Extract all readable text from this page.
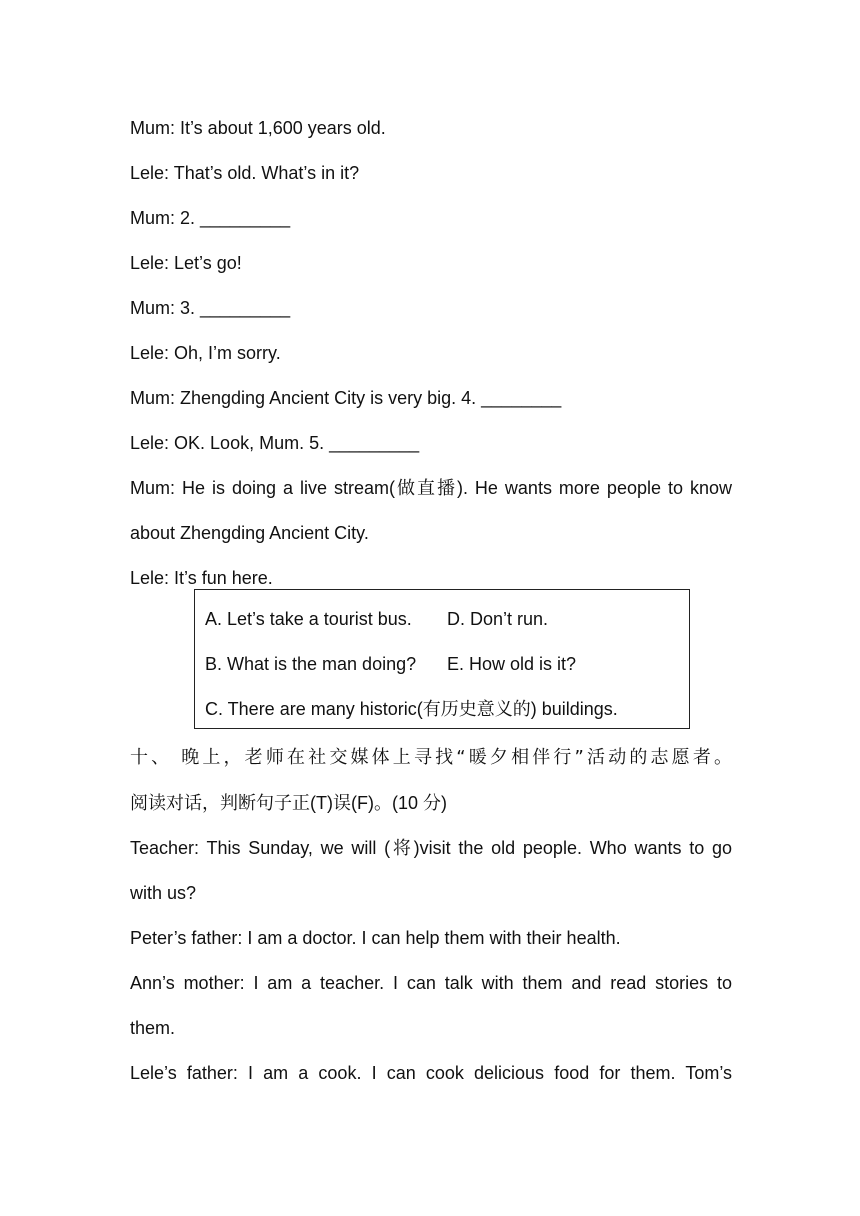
Mum: It’s about 1,600 years old.
Lele: That’s old. What’s in it?
Mum: 2. _________
Lele: Let’s go!
Mum: 3. _________
Lele: Oh, I’m sorry.
Mum: Zhengding Ancient City is very big. 4. ________
Lele: OK. Look, Mum. 5. _________
Mum: He is doing a live stream(做直播). He wants more people to know
about Zhengding Ancient City.
Lele: It’s fun here.
A. Let’s take a tourist bus. D. Don’t run.
B. What is the man doing? E. How old is it?
C. There are many historic(有历史意义的) buildings.
十、 晚上，老师在社交媒体上寻找“暖夕相伴行”活动的志愿者。
阅读对话，判断句子正(T)误(F)。(10 分)
Teacher: This Sunday, we will (将)visit the old people. Who wants to go
with us?
Peter’s father: I am a doctor. I can help them with their health.
Ann’s mother: I am a teacher. I can talk with them and read stories to
them.
Lele’s father: I am a cook. I can cook delicious food for them. Tom’s
